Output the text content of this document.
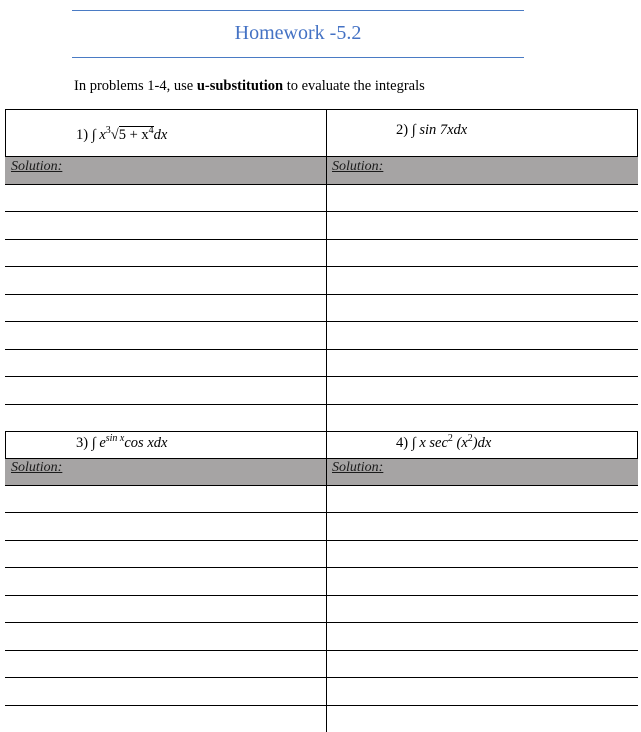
Homework -5.2
In problems 1-4, use u-substitution to evaluate the integrals
1) ∫ $x^3√5 + x^4dx$	2) ∫ sin 7xdx
Solution:	Solution:
3) ∫ $e^{sin x}\cos$ xdx	4) ∫ x $\sec^2 (x^2)dx$
Solution:	Solution:
